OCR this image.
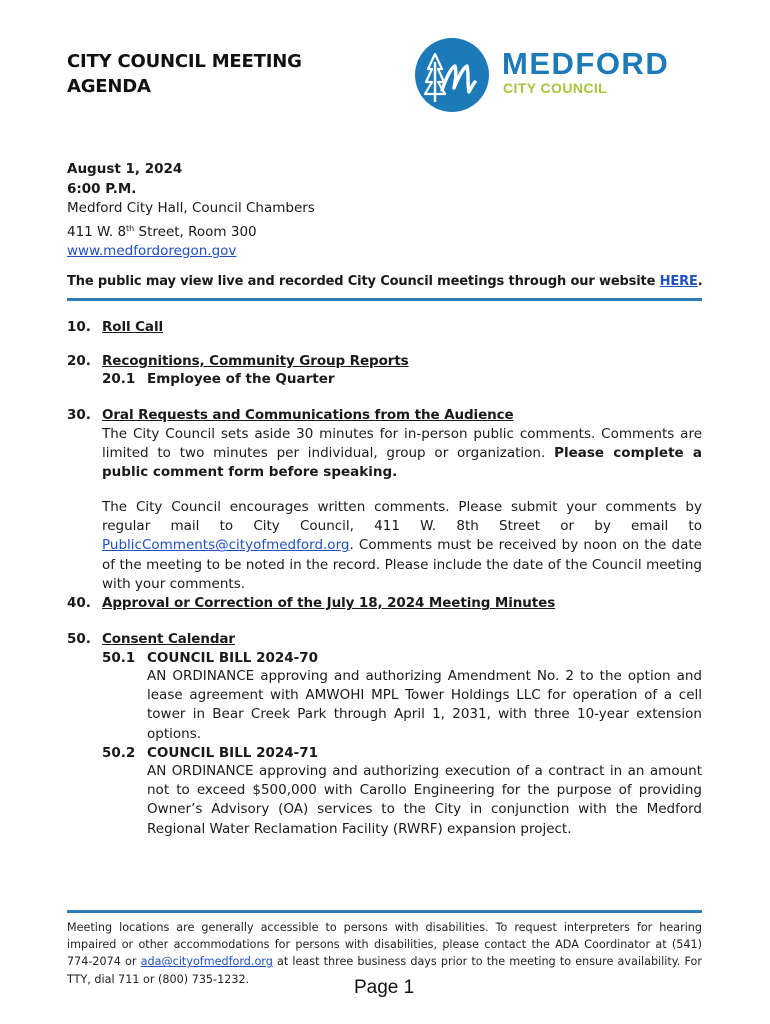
CITY COUNCIL MEETING
AGENDA
MEDFORD
CITY COUNCIL
August 1, 2024
6:00 P.M.
Medford City Hall, Council Chambers
411 W. 8th Street, Room 300
www.medfordoregon.gov
The public may view live and recorded City Council meetings through our website HERE.
10. Roll Call
20. Recognitions, Community Group Reports
20.1 Employee of the Quarter
30. Oral Requests and Communications from the Audience
The City Council sets aside 30 minutes for in-person public comments. Comments are limited to two minutes per individual, group or organization. Please complete a public comment form before speaking.
The City Council encourages written comments. Please submit your comments by regular mail to City Council, 411 W. 8th Street or by email to PublicComments@cityofmedford.org. Comments must be received by noon on the date of the meeting to be noted in the record. Please include the date of the Council meeting with your comments.
40. Approval or Correction of the July 18, 2024 Meeting Minutes
50. Consent Calendar
50.1 COUNCIL BILL 2024-70
AN ORDINANCE approving and authorizing Amendment No. 2 to the option and lease agreement with AMWOHI MPL Tower Holdings LLC for operation of a cell tower in Bear Creek Park through April 1, 2031, with three 10-year extension options.
50.2 COUNCIL BILL 2024-71
AN ORDINANCE approving and authorizing execution of a contract in an amount not to exceed $500,000 with Carollo Engineering for the purpose of providing Owner’s Advisory (OA) services to the City in conjunction with the Medford Regional Water Reclamation Facility (RWRF) expansion project.
Meeting locations are generally accessible to persons with disabilities. To request interpreters for hearing impaired or other accommodations for persons with disabilities, please contact the ADA Coordinator at (541) 774-2074 or ada@cityofmedford.org at least three business days prior to the meeting to ensure availability. For TTY, dial 711 or (800) 735-1232.	Page 1
